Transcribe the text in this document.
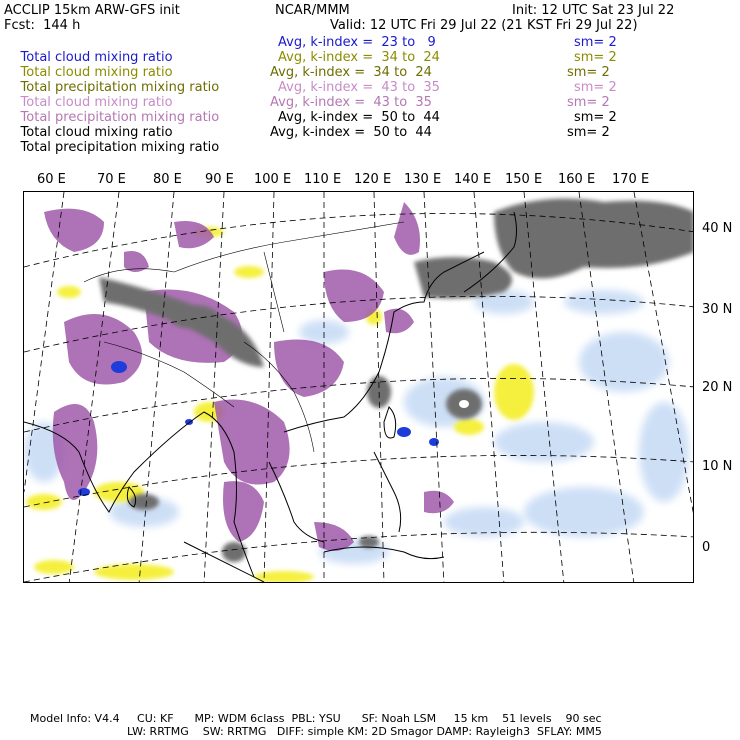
ACCLIP 15km ARW-GFS init	NCAR/MMM	Init: 12 UTC Sat 23 Jul 22
Fcst:  144 h	Valid: 12 UTC Fri 29 Jul 22 (21 KST Fri 29 Jul 22)

Total cloud mixing ratio

Avg, k-index =  23 to   9	sm= 2

Total cloud mixing ratio

Avg, k-index =  34 to  24	sm= 2

Total precipitation mixing ratio

Avg, k-index =  34 to  24	sm= 2

Total cloud mixing ratio

Avg, k-index =  43 to  35	sm= 2

Total precipitation mixing ratio

Avg, k-index =  43 to  35	sm= 2

Total cloud mixing ratio

Avg, k-index =  50 to  44	sm= 2

Total precipitation mixing ratio

Avg, k-index =  50 to  44	sm= 2
60 E 70 E 80 E 90 E 100 E 110 E 120 E 130 E 140 E 150 E 160 E 170 E
40 N
30 N
20 N
10 N
0
Model Info: V4.4     CU: KF      MP: WDM 6class  PBL: YSU      SF: Noah LSM     15 km    51 levels    90 sec
LW: RRTMG    SW: RRTMG   DIFF: simple KM: 2D Smagor DAMP: Rayleigh3  SFLAY: MM5
